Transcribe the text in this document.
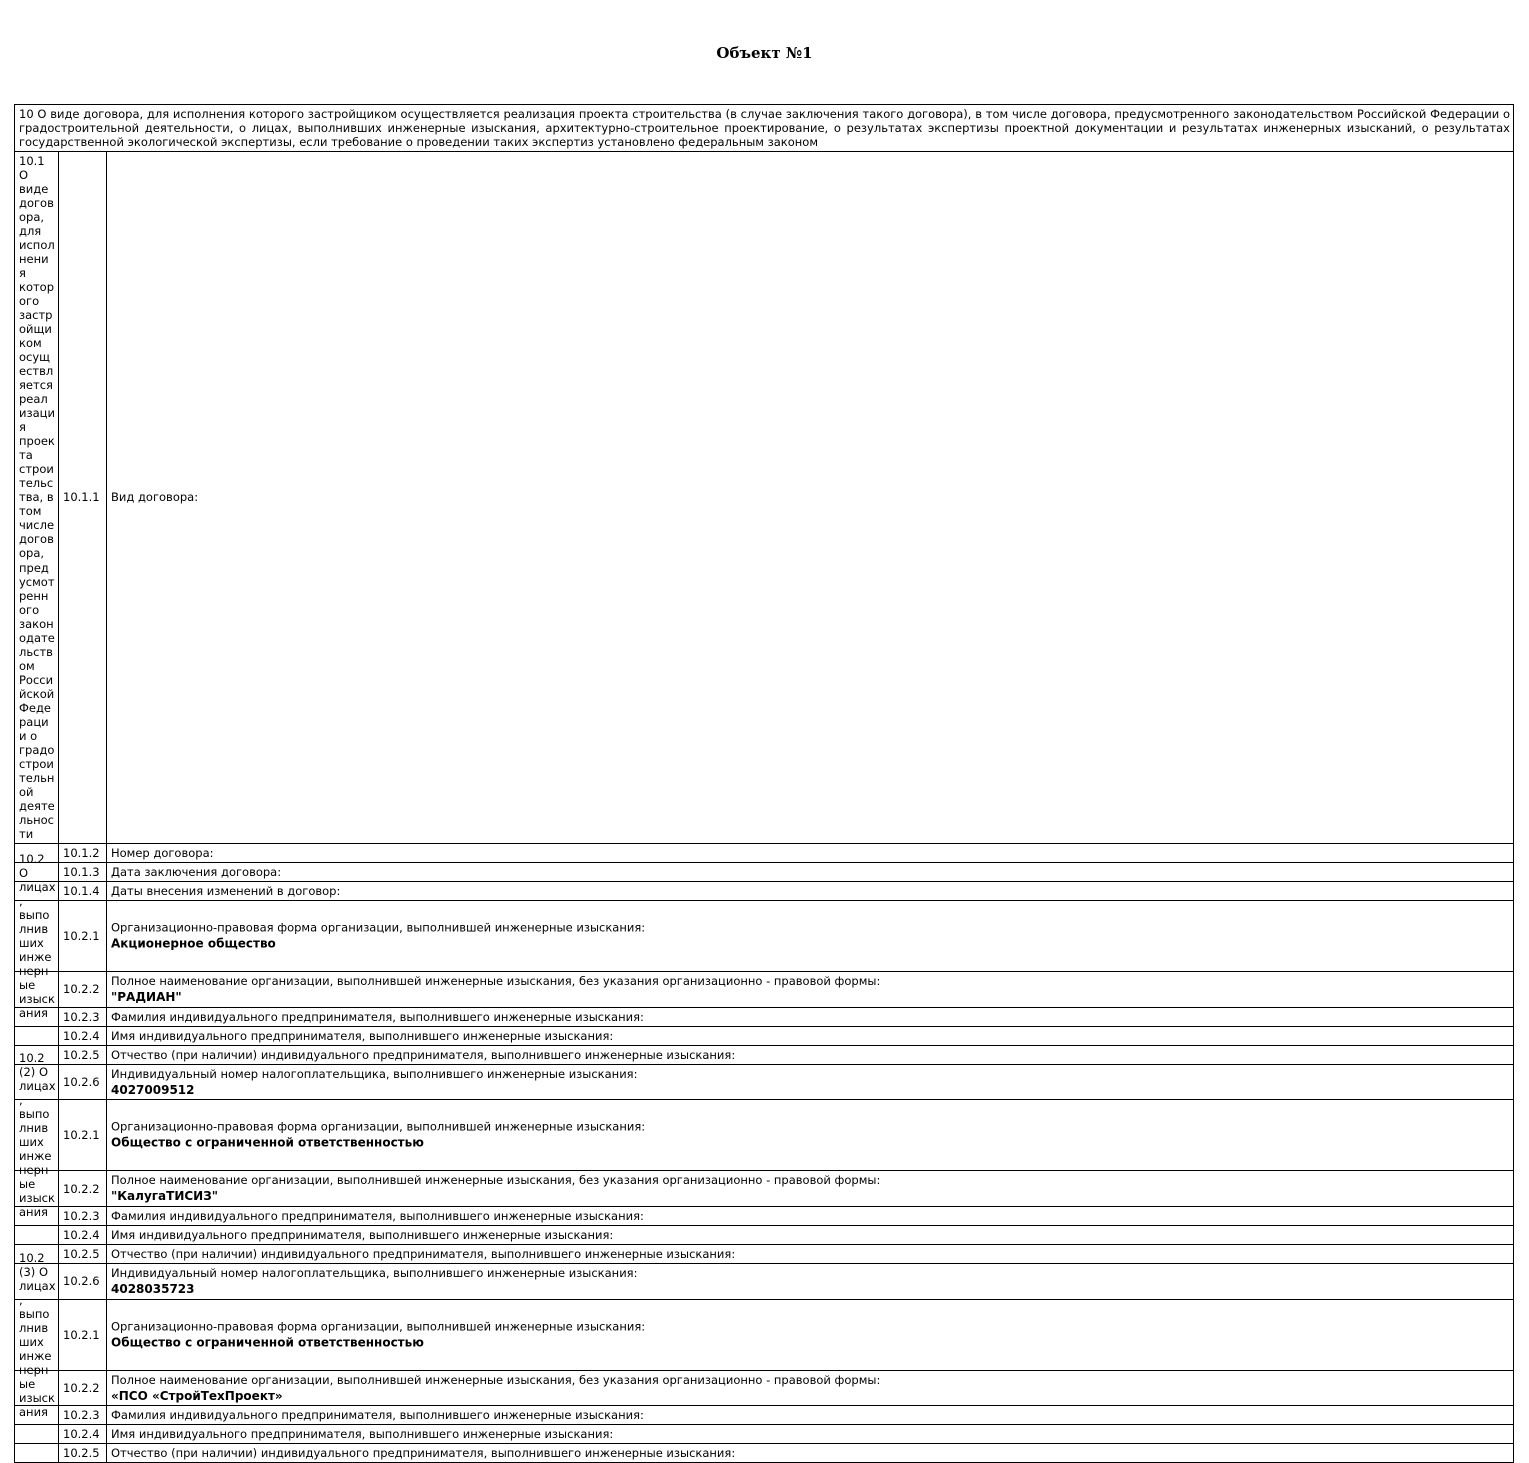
Объект №1
10 О виде договора, для исполнения которого застройщиком осуществляется реализация проекта строительства (в случае заключения такого договора), в том числе договора, предусмотренного законодательством Российской Федерации о градостроительной деятельности, о лицах, выполнивших инженерные изыскания, архитектурно-строительное проектирование, о результатах экспертизы проектной документации и результатах инженерных изысканий, о результатах государственной экологической экспертизы, если требование о проведении таких экспертиз установлено федеральным законом		
10.1 О виде договора, для исполнения которого застройщиком осуществляется реализация проекта строительства, в том числе договора, предусмотренного законодательством Российской Федерации о градостроительной деятельности	10.1.1	Вид договора:

	10.1.2	Номер договора:

	10.1.3	Дата заключения договора:

	10.1.4	Даты внесения изменений в договор:

10.2 О лицах, выполнивших инженерные изыскания	10.2.1	Организационно-правовая форма организации, выполнившей инженерные изыскания:
Акционерное общество

	10.2.2	Полное наименование организации, выполнившей инженерные изыскания, без указания организационно - правовой формы:
"РАДИАН"

	10.2.3	Фамилия индивидуального предпринимателя, выполнившего инженерные изыскания:

	10.2.4	Имя индивидуального предпринимателя, выполнившего инженерные изыскания:

	10.2.5	Отчество (при наличии) индивидуального предпринимателя, выполнившего инженерные изыскания:

	10.2.6	Индивидуальный номер налогоплательщика, выполнившего инженерные изыскания:
4027009512

10.2 (2) О лицах, выполнивших инженерные изыскания	10.2.1	Организационно-правовая форма организации, выполнившей инженерные изыскания:
Общество с ограниченной ответственностью

	10.2.2	Полное наименование организации, выполнившей инженерные изыскания, без указания организационно - правовой формы:
"КалугаТИСИЗ"

	10.2.3	Фамилия индивидуального предпринимателя, выполнившего инженерные изыскания:

	10.2.4	Имя индивидуального предпринимателя, выполнившего инженерные изыскания:

	10.2.5	Отчество (при наличии) индивидуального предпринимателя, выполнившего инженерные изыскания:

	10.2.6	Индивидуальный номер налогоплательщика, выполнившего инженерные изыскания:
4028035723

10.2 (3) О лицах, выполнивших инженерные изыскания	10.2.1	Организационно-правовая форма организации, выполнившей инженерные изыскания:
Общество с ограниченной ответственностью

	10.2.2	Полное наименование организации, выполнившей инженерные изыскания, без указания организационно - правовой формы:
«ПСО «СтройТехПроект»

	10.2.3	Фамилия индивидуального предпринимателя, выполнившего инженерные изыскания:

	10.2.4	Имя индивидуального предпринимателя, выполнившего инженерные изыскания:

	10.2.5	Отчество (при наличии) индивидуального предпринимателя, выполнившего инженерные изыскания:
